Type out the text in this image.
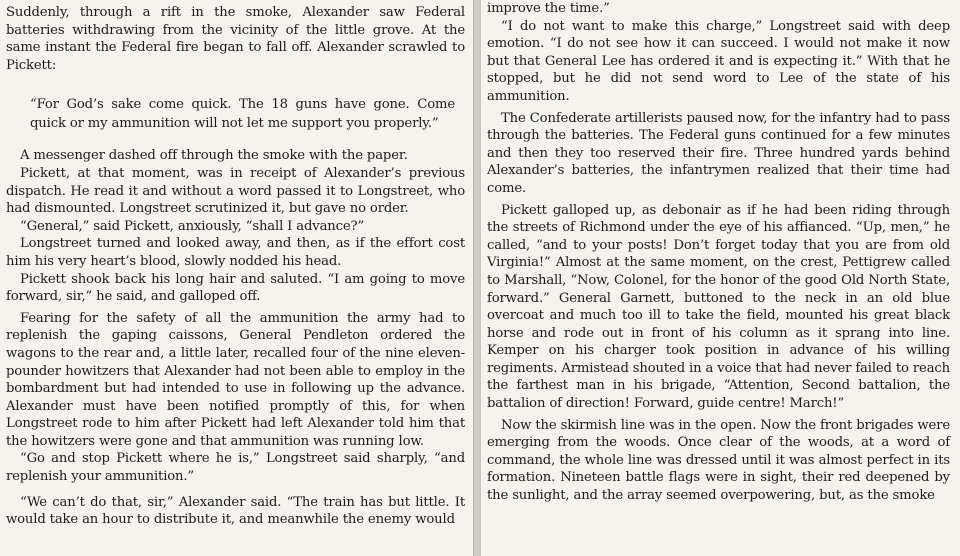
Suddenly, through a rift in the smoke, Alexander saw Federal batteries withdrawing from the vicinity of the little grove. At the same instant the Federal fire began to fall off. Alexander scrawled to Pickett:

“For God’s sake come quick. The 18 guns have gone. Come quick or my ammunition will not let me support you properly.”

A messenger dashed off through the smoke with the paper.

Pickett, at that moment, was in receipt of Alexander’s previous dispatch. He read it and without a word passed it to Longstreet, who had dismounted. Longstreet scrutinized it, but gave no order.

“General,” said Pickett, anxiously, “shall I advance?”

Longstreet turned and looked away, and then, as if the effort cost him his very heart’s blood, slowly nodded his head.

Pickett shook back his long hair and saluted. “I am going to move forward, sir,” he said, and galloped off.

Fearing for the safety of all the ammunition the army had to replenish the gaping caissons, General Pendleton ordered the wagons to the rear and, a little later, recalled four of the nine eleven-pounder howitzers that Alexander had not been able to employ in the bombardment but had intended to use in following up the advance. Alexander must have been notified promptly of this, for when Longstreet rode to him after Pickett had left Alexander told him that the howitzers were gone and that ammunition was running low.

“Go and stop Pickett where he is,” Longstreet said sharply, “and replenish your ammunition.”

“We can’t do that, sir,” Alexander said. “The train has but little. It would take an hour to distribute it, and meanwhile the enemy would

improve the time.”

“I do not want to make this charge,” Longstreet said with deep emotion. “I do not see how it can succeed. I would not make it now but that General Lee has ordered it and is expecting it.” With that he stopped, but he did not send word to Lee of the state of his ammunition.

The Confederate artillerists paused now, for the infantry had to pass through the batteries. The Federal guns continued for a few minutes and then they too reserved their fire. Three hundred yards behind Alexander’s batteries, the infantrymen realized that their time had come.

Pickett galloped up, as debonair as if he had been riding through the streets of Richmond under the eye of his affianced. “Up, men,” he called, “and to your posts! Don’t forget today that you are from old Virginia!” Almost at the same moment, on the crest, Pettigrew called to Marshall, “Now, Colonel, for the honor of the good Old North State, forward.” General Garnett, buttoned to the neck in an old blue overcoat and much too ill to take the field, mounted his great black horse and rode out in front of his column as it sprang into line. Kemper on his charger took position in advance of his willing regiments. Armistead shouted in a voice that had never failed to reach the farthest man in his brigade, “Attention, Second battalion, the battalion of direction! Forward, guide centre! March!”

Now the skirmish line was in the open. Now the front brigades were emerging from the woods. Once clear of the woods, at a word of command, the whole line was dressed until it was almost perfect in its formation. Nineteen battle flags were in sight, their red deepened by the sunlight, and the array seemed overpowering, but, as the smoke
